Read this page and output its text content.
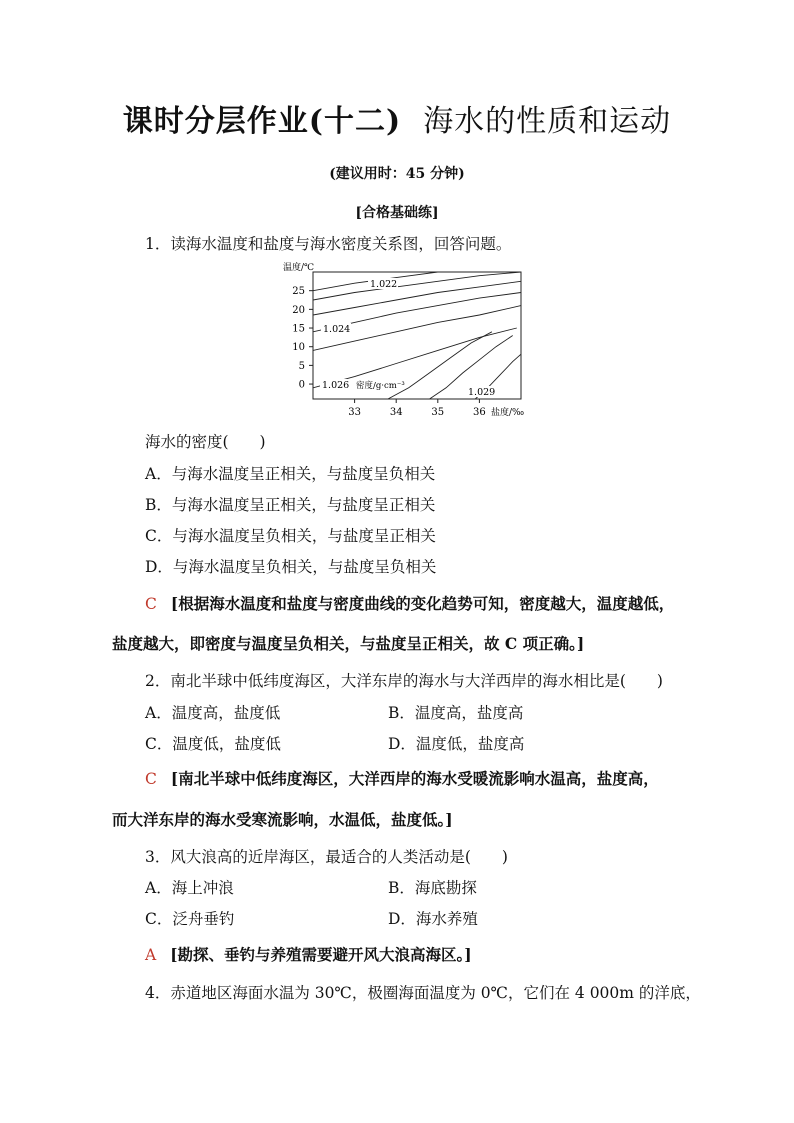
课时分层作业(十二) 海水的性质和运动
(建议用时：45 分钟)
[合格基础练]
1．读海水温度和盐度与海水密度关系图，回答问题。
25
20
15
10
5
0
33	34	35	36
温度/℃
盐度/‰
密度/g·cm⁻³
1.022
1.024
1.026
1.029
海水的密度(　　)
A．与海水温度呈正相关，与盐度呈负相关
B．与海水温度呈正相关，与盐度呈正相关
C．与海水温度呈负相关，与盐度呈正相关
D．与海水温度呈负相关，与盐度呈负相关
C [根据海水温度和盐度与密度曲线的变化趋势可知，密度越大，温度越低，
盐度越大，即密度与温度呈负相关，与盐度呈正相关，故 C 项正确。]
2．南北半球中低纬度海区，大洋东岸的海水与大洋西岸的海水相比是(　　)
A．温度高，盐度低	B．温度高，盐度高
C．温度低，盐度低	D．温度低，盐度高
C [南北半球中低纬度海区，大洋西岸的海水受暖流影响水温高，盐度高，
而大洋东岸的海水受寒流影响，水温低，盐度低。]
3．风大浪高的近岸海区，最适合的人类活动是(　　)
A．海上冲浪	B．海底勘探
C．泛舟垂钓	D．海水养殖
A [勘探、垂钓与养殖需要避开风大浪高海区。]
4．赤道地区海面水温为 30℃，极圈海面温度为 0℃，它们在 4 000m 的洋底，
